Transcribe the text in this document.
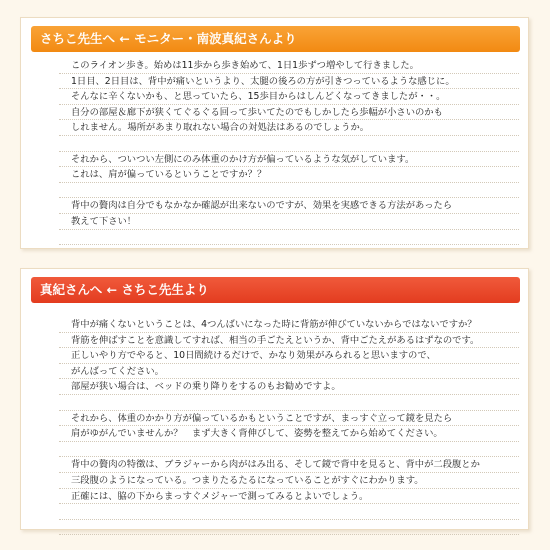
さちこ先生へ ← モニター・南波真紀さんより
このライオン歩き。始めは11歩から歩き始めて、1日1歩ずつ増やして行きました。
1日目、2日目は、背中が痛いというより、太腿の後ろの方が引きつっているような感じに。
そんなに辛くないかも、と思っていたら、15歩目からはしんどくなってきましたが・・。
自分の部屋＆廊下が狭くてぐるぐる回って歩いてたのでもしかしたら歩幅が小さいのかも
しれません。場所があまり取れない場合の対処法はあるのでしょうか。
それから、ついつい左側にのみ体重のかけ方が偏っているような気がしています。
これは、肩が偏っているということですか？？
背中の贅肉は自分でもなかなか確認が出来ないのですが、効果を実感できる方法があったら
教えて下さい！
真紀さんへ ← さちこ先生より
背中が痛くないということは、4つんばいになった時に背筋が伸びていないからではないですか？
背筋を伸ばすことを意識してすれば、相当の手ごたえというか、背中ごたえがあるはずなのです。
正しいやり方でやると、10日間続けるだけで、かなり効果がみられると思いますので、
がんばってください。
部屋が狭い場合は、ベッドの乗り降りをするのもお勧めですよ。
それから、体重のかかり方が偏っているかもということですが、まっすぐ立って鏡を見たら
肩がゆがんでいませんか？　まず大きく背伸びして、姿勢を整えてから始めてください。
背中の贅肉の特徴は、ブラジャーから肉がはみ出る、そして鏡で背中を見ると、背中が二段腹とか
三段腹のようになっている。つまりたるたるになっていることがすぐにわかります。
正確には、脇の下からまっすぐメジャーで測ってみるとよいでしょう。
